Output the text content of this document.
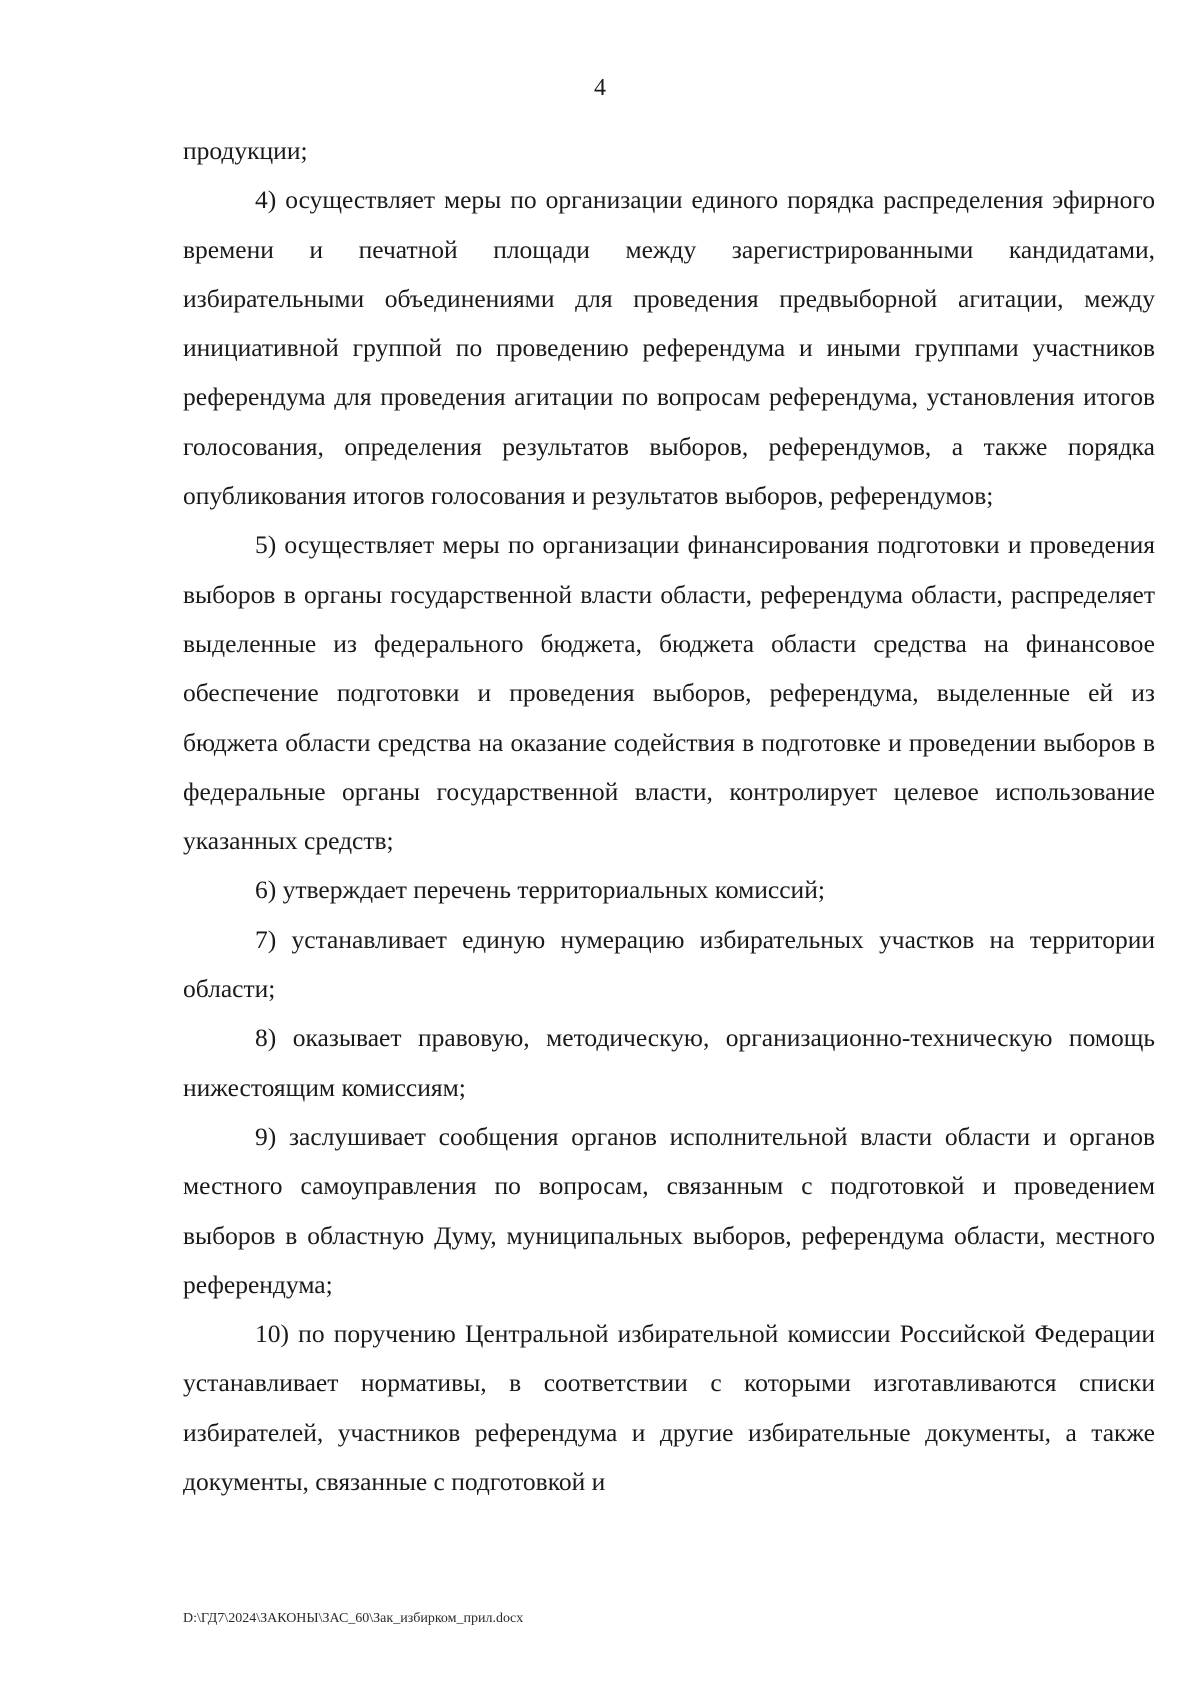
4

продукции;

4) осуществляет меры по организации единого порядка распределения эфирного времени и печатной площади между зарегистрированными кандидатами, избирательными объединениями для проведения предвыборной агитации, между инициативной группой по проведению референдума и иными группами участников референдума для проведения агитации по вопросам референдума, установления итогов голосования, определения результатов выборов, референдумов, а также порядка опубликования итогов голосования и результатов выборов, референдумов;

5) осуществляет меры по организации финансирования подготовки и проведения выборов в органы государственной власти области, референдума области, распределяет выделенные из федерального бюджета, бюджета области средства на финансовое обеспечение подготовки и проведения выборов, референдума, выделенные ей из бюджета области средства на оказание содействия в подготовке и проведении выборов в федеральные органы государственной власти, контролирует целевое использование указанных средств;

6) утверждает перечень территориальных комиссий;

7) устанавливает единую нумерацию избирательных участков на территории области;

8) оказывает правовую, методическую, организационно-техническую помощь нижестоящим комиссиям;

9) заслушивает сообщения органов исполнительной власти области и органов местного самоуправления по вопросам, связанным с подготовкой и проведением выборов в областную Думу, муниципальных выборов, референдума области, местного референдума;

10) по поручению Центральной избирательной комиссии Российской Федерации устанавливает нормативы, в соответствии с которыми изготавливаются списки избирателей, участников референдума и другие избирательные документы, а также документы, связанные с подготовкой и

D:\ГД7\2024\ЗАКОНЫ\ЗАС_60\Зак_избирком_прил.docx
